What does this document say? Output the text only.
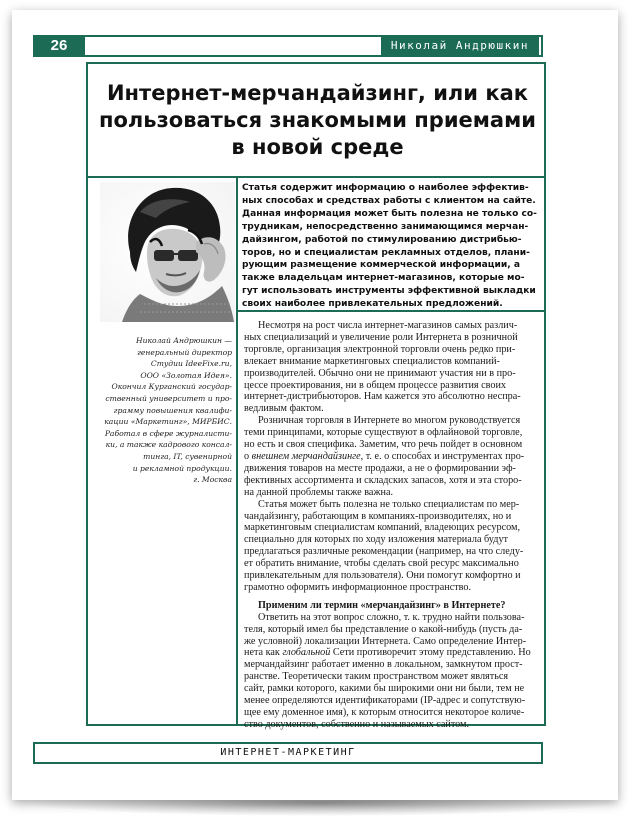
26	Николай Андрюшкин
Интернет-мерчандайзинг, или как
пользоваться знакомыми приемами
в новой среде
Николай Андрюшкин —
генеральный директор
Студии IdeeFixe.ru,
ООО «Золотая Идея».
Окончил Курганский государ-
ственный университет и про-
грамму повышения квалифи-
кации «Маркетинг», МИРБИС.
Работал в сфере журналисти-
ки, а также кадрового консал-
тинга, IT, сувенирной
и рекламной продукции.
г. Москва
Статья содержит информацию о наиболее эффектив-
ных способах и средствах работы с клиентом на сайте.
Данная информация может быть полезна не только со-
трудникам, непосредственно занимающимся мерчан-
дайзингом, работой по стимулированию дистрибью-
торов, но и специалистам рекламных отделов, плани-
рующим размещение коммерческой информации, а
также владельцам интернет-магазинов, которые мо-
гут использовать инструменты эффективной выкладки
своих наиболее привлекательных предложений.
Несмотря на рост числа интернет-магазинов самых различ-
ных специализаций и увеличение роли Интернета в розничной
торговле, организация электронной торговли очень редко при-
влекает внимание маркетинговых специалистов компаний-
производителей. Обычно они не принимают участия ни в про-
цессе проектирования, ни в общем процессе развития своих
интернет-дистрибьюторов. Нам кажется это абсолютно неспра-
ведливым фактом.
Розничная торговля в Интернете во многом руководствуется
теми принципами, которые существуют в офлайновой торговле,
но есть и своя специфика. Заметим, что речь пойдет в основном
о внешнем мерчандайзинге, т. е. о способах и инструментах про-
движения товаров на месте продажи, а не о формировании эф-
фективных ассортимента и складских запасов, хотя и эта сторо-
на данной проблемы также важна.
Статья может быть полезна не только специалистам по мер-
чандайзингу, работающим в компаниях-производителях, но и
маркетинговым специалистам компаний, владеющих ресурсом,
специально для которых по ходу изложения материала будут
предлагаться различные рекомендации (например, на что следу-
ет обратить внимание, чтобы сделать свой ресурс максимально
привлекательным для пользователя). Они помогут комфортно и
грамотно оформить информационное пространство.
Применим ли термин «мерчандайзинг» в Интернете?
Ответить на этот вопрос сложно, т. к. трудно найти пользова-
теля, который имел бы представление о какой-нибудь (пусть да-
же условной) локализации Интернета. Само определение Интер-
нета как глобальной Сети противоречит этому представлению. Но
мерчандайзинг работает именно в локальном, замкнутом прост-
ранстве. Теоретически таким пространством может являться
сайт, рамки которого, какими бы широкими они ни были, тем не
менее определяются идентификаторами (IP-адрес и сопутствую-
щее ему доменное имя), к которым относится некоторое количе-
ство документов, собственно и называемых сайтом.
ИНТЕРНЕТ-МАРКЕТИНГ
